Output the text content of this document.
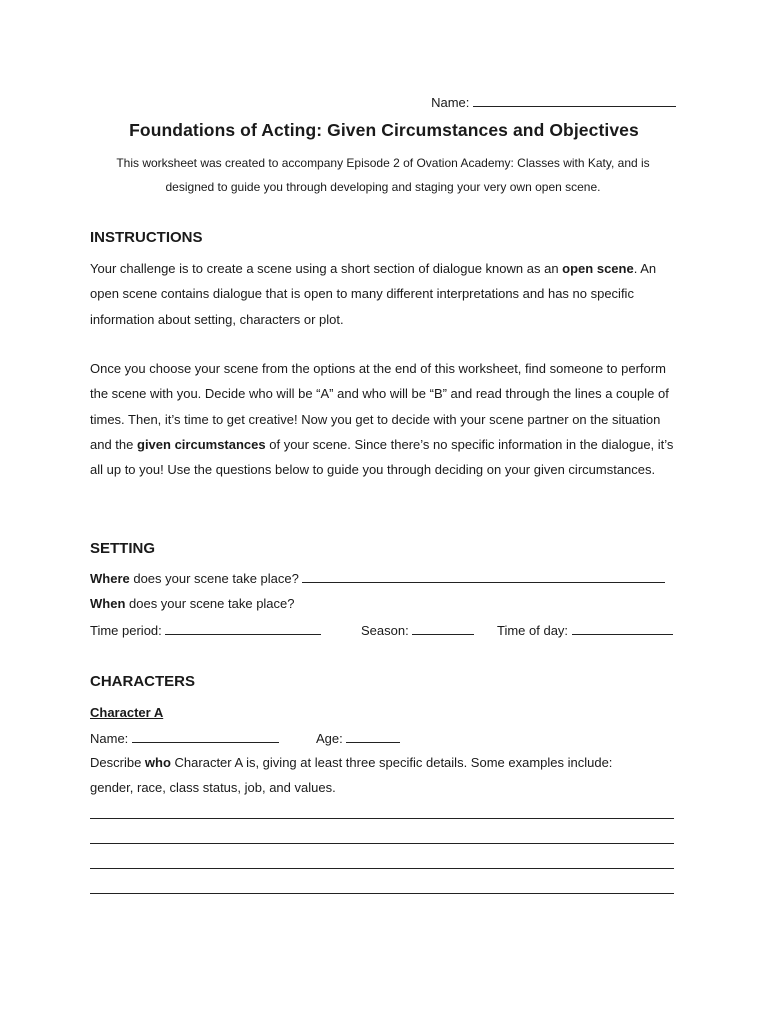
Name:
Foundations of Acting: Given Circumstances and Objectives
This worksheet was created to accompany Episode 2 of Ovation Academy: Classes with Katy, and is designed to guide you through developing and staging your very own open scene.
INSTRUCTIONS
Your challenge is to create a scene using a short section of dialogue known as an open scene. An open scene contains dialogue that is open to many different interpretations and has no specific information about setting, characters or plot.
Once you choose your scene from the options at the end of this worksheet, find someone to perform the scene with you. Decide who will be “A” and who will be “B” and read through the lines a couple of times. Then, it’s time to get creative! Now you get to decide with your scene partner on the situation and the given circumstances of your scene. Since there’s no specific information in the dialogue, it’s all up to you! Use the questions below to guide you through deciding on your given circumstances.
SETTING
Where does your scene take place?
When does your scene take place?
Time period:	Season:	Time of day:
CHARACTERS
Character A
Name:	Age:
Describe who Character A is, giving at least three specific details. Some examples include: gender, race, class status, job, and values.
